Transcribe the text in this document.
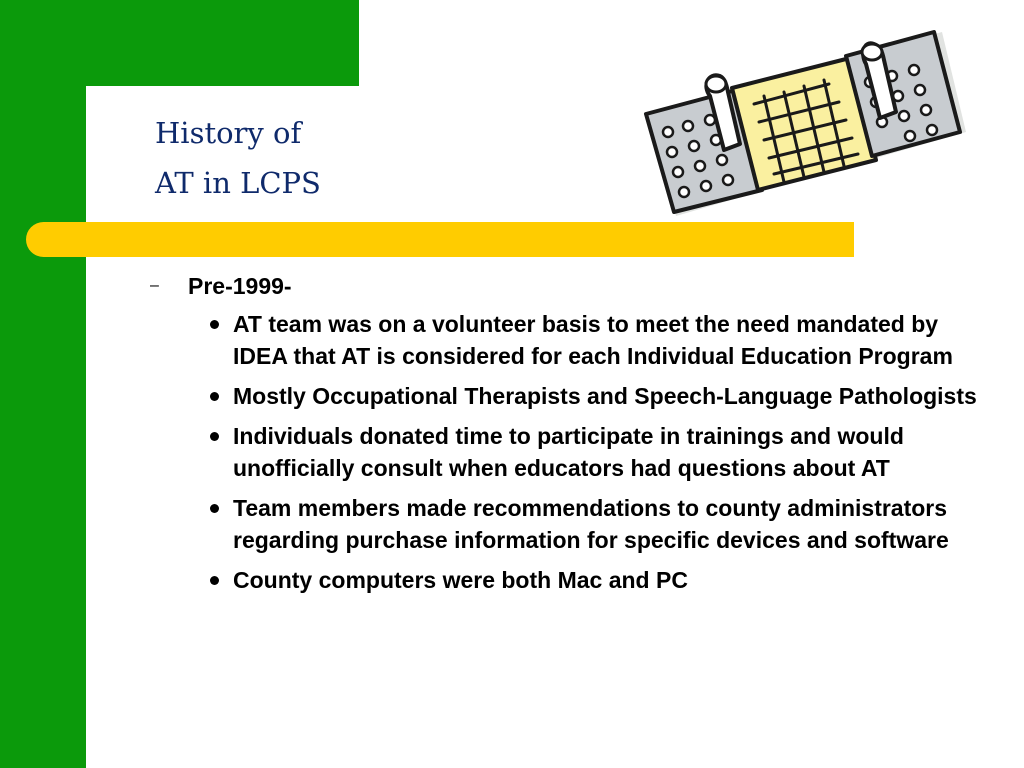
History of
AT in LCPS
– Pre-1999-
AT team was on a volunteer basis to meet the need mandated by IDEA that AT is considered for each Individual Education Program
Mostly Occupational Therapists and Speech-Language Pathologists
Individuals donated time to participate in trainings and would unofficially consult when educators had questions about AT
Team members made recommendations to county administrators regarding purchase information for specific devices and software
County computers were both Mac and PC
